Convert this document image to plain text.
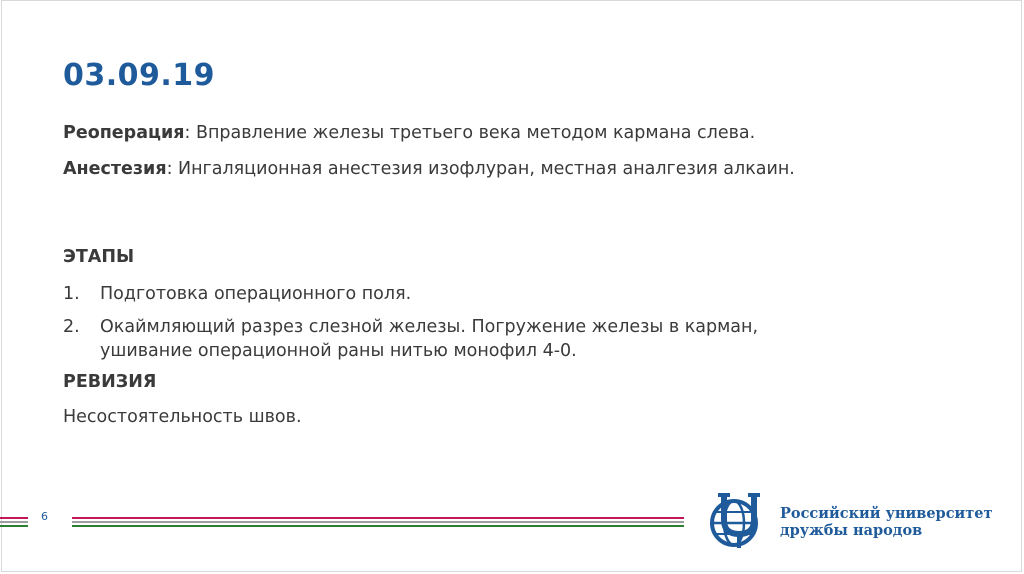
03.09.19
Реоперация: Вправление железы третьего века методом кармана слева.
Анестезия: Ингаляционная анестезия изофлуран, местная аналгезия алкаин.
ЭТАПЫ
1. Подготовка операционного поля.
2. Окаймляющий разрез слезной железы. Погружение железы в карман, ушивание операционной раны нитью монофил 4-0.
РЕВИЗИЯ
Несостоятельность швов.
6	Российский университет
дружбы народов
